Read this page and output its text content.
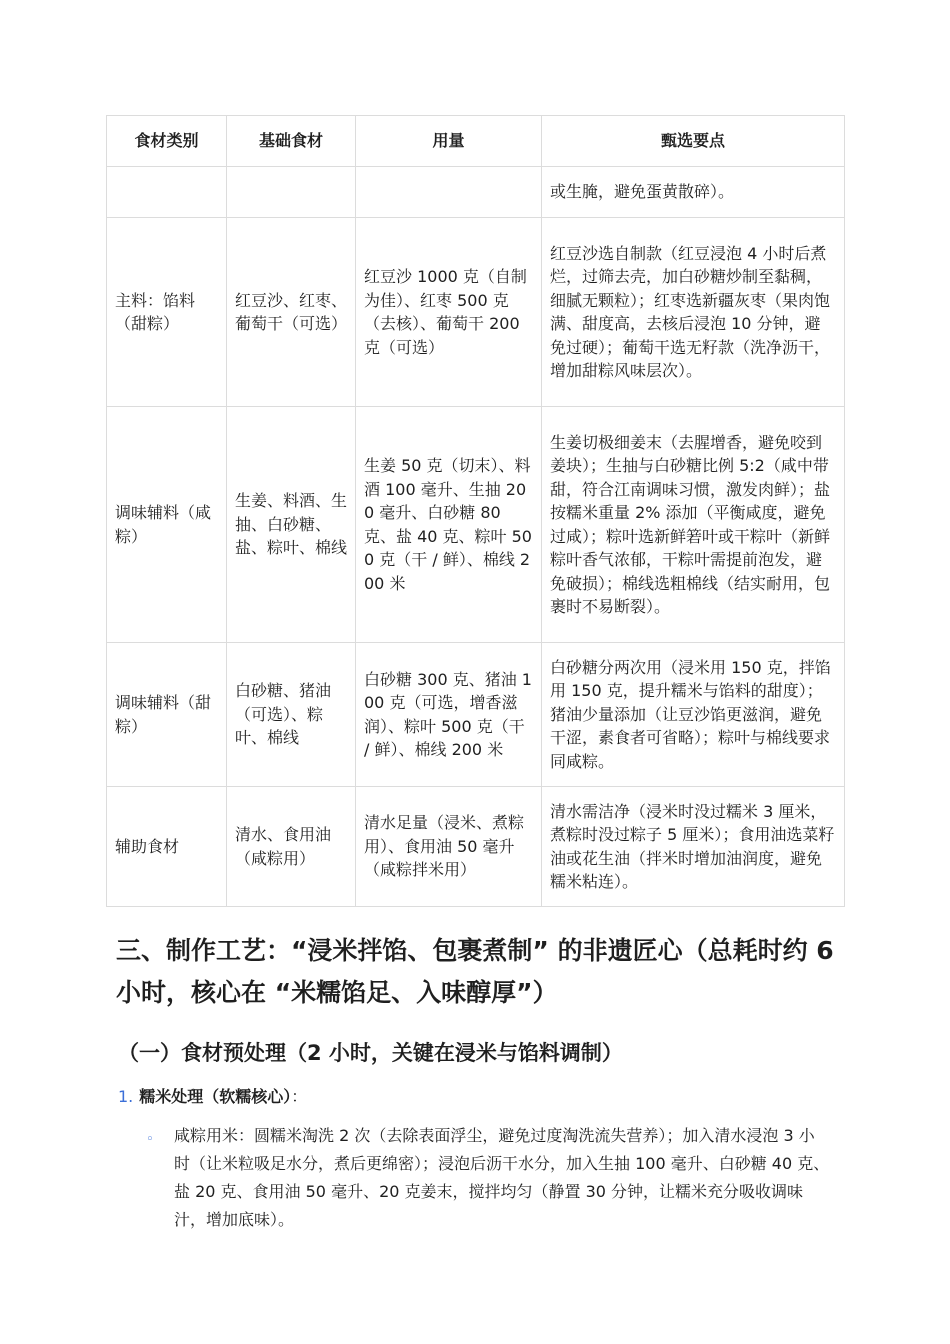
食材类别	基础食材	用量	甄选要点
			或生腌，避免蛋黄散碎）。
主料：馅料（甜粽）	红豆沙、红枣、葡萄干（可选）	红豆沙 1000 克（自制为佳）、红枣 500 克（去核）、葡萄干 200 克（可选）	红豆沙选自制款（红豆浸泡 4 小时后煮烂，过筛去壳，加白砂糖炒制至黏稠，细腻无颗粒）；红枣选新疆灰枣（果肉饱满、甜度高，去核后浸泡 10 分钟，避免过硬）；葡萄干选无籽款（洗净沥干，增加甜粽风味层次）。
调味辅料（咸粽）	生姜、料酒、生抽、白砂糖、盐、粽叶、棉线	生姜 50 克（切末）、料酒 100 毫升、生抽 200 毫升、白砂糖 80 克、盐 40 克、粽叶 500 克（干 / 鲜）、棉线 200 米	生姜切极细姜末（去腥增香，避免咬到姜块）；生抽与白砂糖比例 5:2（咸中带甜，符合江南调味习惯，激发肉鲜）；盐按糯米重量 2% 添加（平衡咸度，避免过咸）；粽叶选新鲜箬叶或干粽叶（新鲜粽叶香气浓郁，干粽叶需提前泡发，避免破损）；棉线选粗棉线（结实耐用，包裹时不易断裂）。
调味辅料（甜粽）	白砂糖、猪油（可选）、粽叶、棉线	白砂糖 300 克、猪油 100 克（可选，增香滋润）、粽叶 500 克（干 / 鲜）、棉线 200 米	白砂糖分两次用（浸米用 150 克，拌馅用 150 克，提升糯米与馅料的甜度）；猪油少量添加（让豆沙馅更滋润，避免干涩，素食者可省略）；粽叶与棉线要求同咸粽。
辅助食材	清水、食用油（咸粽用）	清水足量（浸米、煮粽用）、食用油 50 毫升（咸粽拌米用）	清水需洁净（浸米时没过糯米 3 厘米，煮粽时没过粽子 5 厘米）；食用油选菜籽油或花生油（拌米时增加油润度，避免糯米粘连）。
三、制作工艺：“浸米拌馅、包裹煮制” 的非遗匠心（总耗时约 6 小时，核心在 “米糯馅足、入味醇厚”）
（一）食材预处理（2 小时，关键在浸米与馅料调制）
1. 糯米处理（软糯核心）：
◦	咸粽用米：圆糯米淘洗 2 次（去除表面浮尘，避免过度淘洗流失营养）；加入清水浸泡 3 小时（让米粒吸足水分，煮后更绵密）；浸泡后沥干水分，加入生抽 100 毫升、白砂糖 40 克、盐 20 克、食用油 50 毫升、20 克姜末，搅拌均匀（静置 30 分钟，让糯米充分吸收调味汁，增加底味）。
